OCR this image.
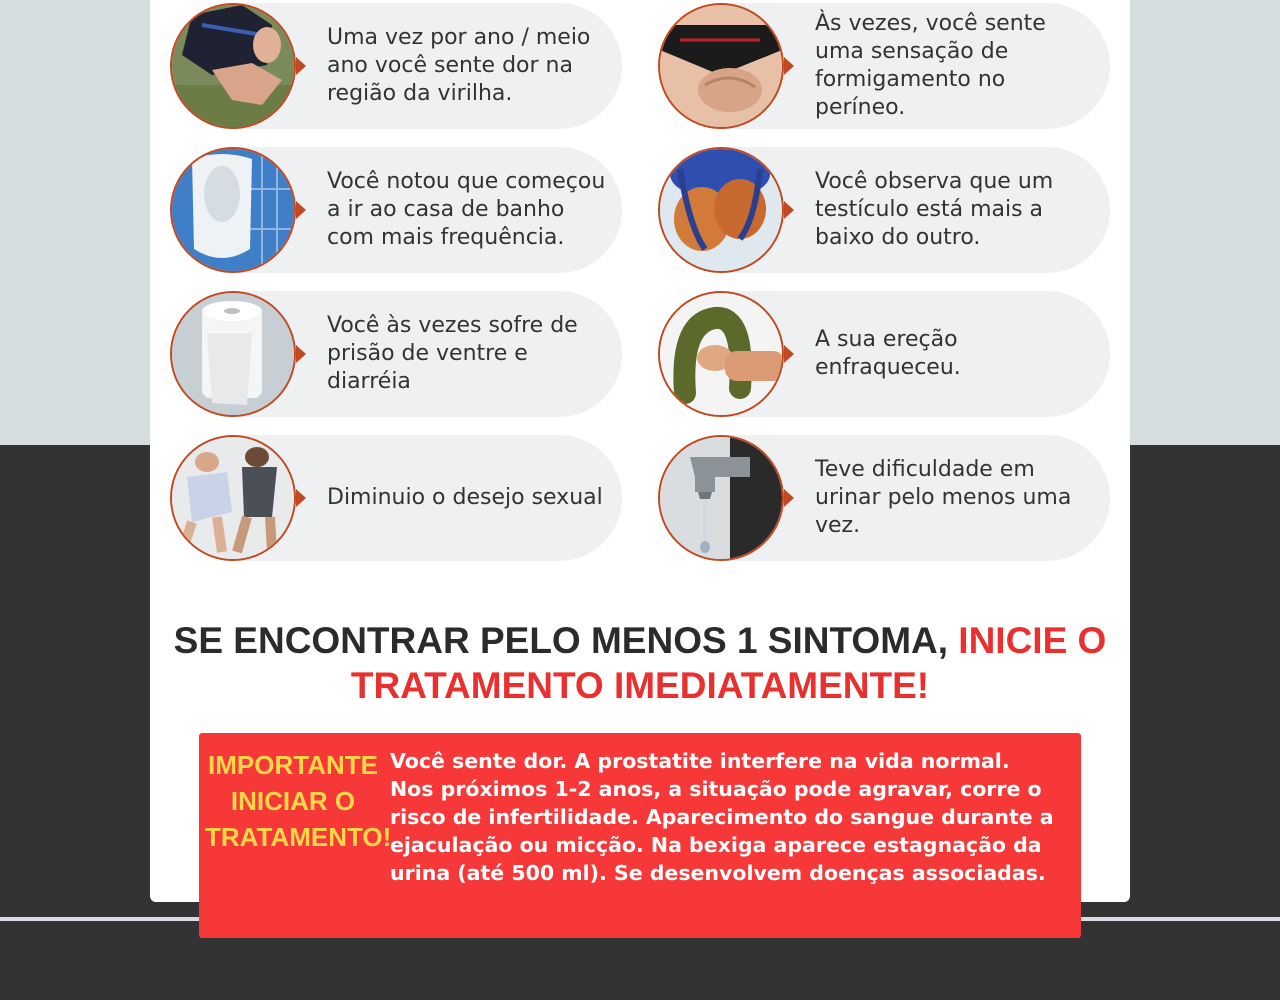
Uma vez por ano / meio ano você sente dor na região da virilha.
Às vezes, você sente uma sensação de formigamento no períneo.
Você notou que começou a ir ao casa de banho com mais frequência.
Você observa que um testículo está mais a baixo do outro.
Você às vezes sofre de prisão de ventre e diarréia
A sua ereção enfraqueceu.
Diminuio o desejo sexual
Teve dificuldade em urinar pelo menos uma vez.
SE ENCONTRAR PELO MENOS 1 SINTOMA, INICIE O TRATAMENTO IMEDIATAMENTE!
IMPORTANTE INICIAR O TRATAMENTO!
Você sente dor. A prostatite interfere na vida normal. Nos próximos 1-2 anos, a situação pode agravar, corre o risco de infertilidade. Aparecimento do sangue durante a ejaculação ou micção. Na bexiga aparece estagnação da urina (até 500 ml). Se desenvolvem doenças associadas.
